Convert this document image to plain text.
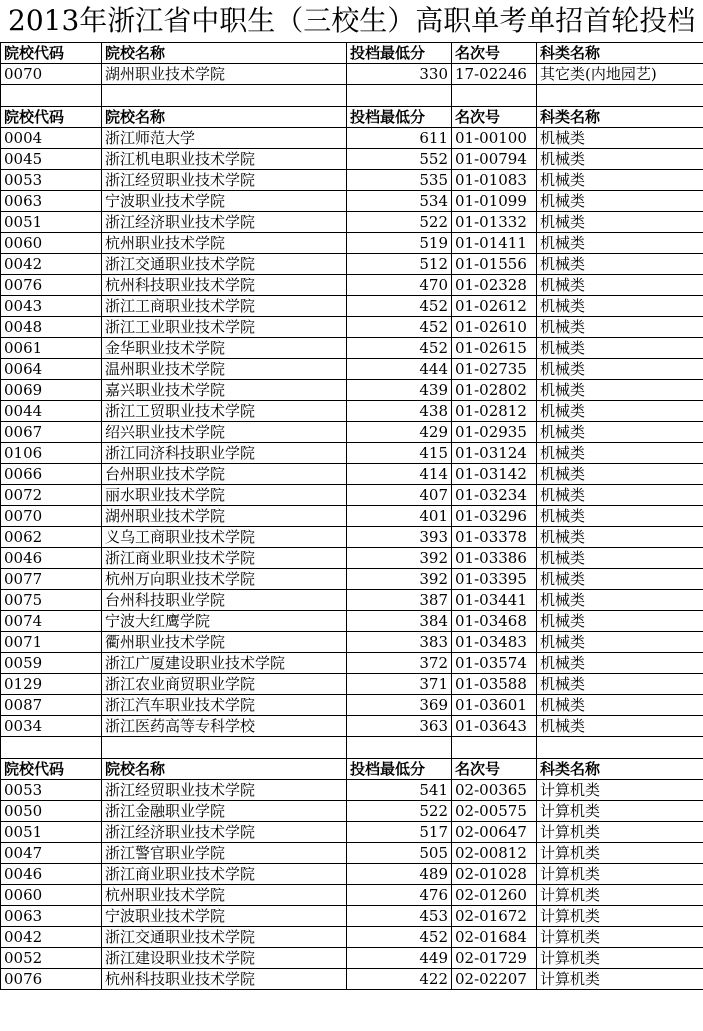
2013年浙江省中职生（三校生）高职单考单招首轮投档
院校代码	院校名称	投档最低分	名次号	科类名称
0070	湖州职业技术学院	330	17-02246	其它类(内地园艺)

院校代码	院校名称	投档最低分	名次号	科类名称
0004	浙江师范大学	611	01-00100	机械类
0045	浙江机电职业技术学院	552	01-00794	机械类
0053	浙江经贸职业技术学院	535	01-01083	机械类
0063	宁波职业技术学院	534	01-01099	机械类
0051	浙江经济职业技术学院	522	01-01332	机械类
0060	杭州职业技术学院	519	01-01411	机械类
0042	浙江交通职业技术学院	512	01-01556	机械类
0076	杭州科技职业技术学院	470	01-02328	机械类
0043	浙江工商职业技术学院	452	01-02612	机械类
0048	浙江工业职业技术学院	452	01-02610	机械类
0061	金华职业技术学院	452	01-02615	机械类
0064	温州职业技术学院	444	01-02735	机械类
0069	嘉兴职业技术学院	439	01-02802	机械类
0044	浙江工贸职业技术学院	438	01-02812	机械类
0067	绍兴职业技术学院	429	01-02935	机械类
0106	浙江同济科技职业学院	415	01-03124	机械类
0066	台州职业技术学院	414	01-03142	机械类
0072	丽水职业技术学院	407	01-03234	机械类
0070	湖州职业技术学院	401	01-03296	机械类
0062	义乌工商职业技术学院	393	01-03378	机械类
0046	浙江商业职业技术学院	392	01-03386	机械类
0077	杭州万向职业技术学院	392	01-03395	机械类
0075	台州科技职业学院	387	01-03441	机械类
0074	宁波大红鹰学院	384	01-03468	机械类
0071	衢州职业技术学院	383	01-03483	机械类
0059	浙江广厦建设职业技术学院	372	01-03574	机械类
0129	浙江农业商贸职业学院	371	01-03588	机械类
0087	浙江汽车职业技术学院	369	01-03601	机械类
0034	浙江医药高等专科学校	363	01-03643	机械类

院校代码	院校名称	投档最低分	名次号	科类名称
0053	浙江经贸职业技术学院	541	02-00365	计算机类
0050	浙江金融职业学院	522	02-00575	计算机类
0051	浙江经济职业技术学院	517	02-00647	计算机类
0047	浙江警官职业学院	505	02-00812	计算机类
0046	浙江商业职业技术学院	489	02-01028	计算机类
0060	杭州职业技术学院	476	02-01260	计算机类
0063	宁波职业技术学院	453	02-01672	计算机类
0042	浙江交通职业技术学院	452	02-01684	计算机类
0052	浙江建设职业技术学院	449	02-01729	计算机类
0076	杭州科技职业技术学院	422	02-02207	计算机类
